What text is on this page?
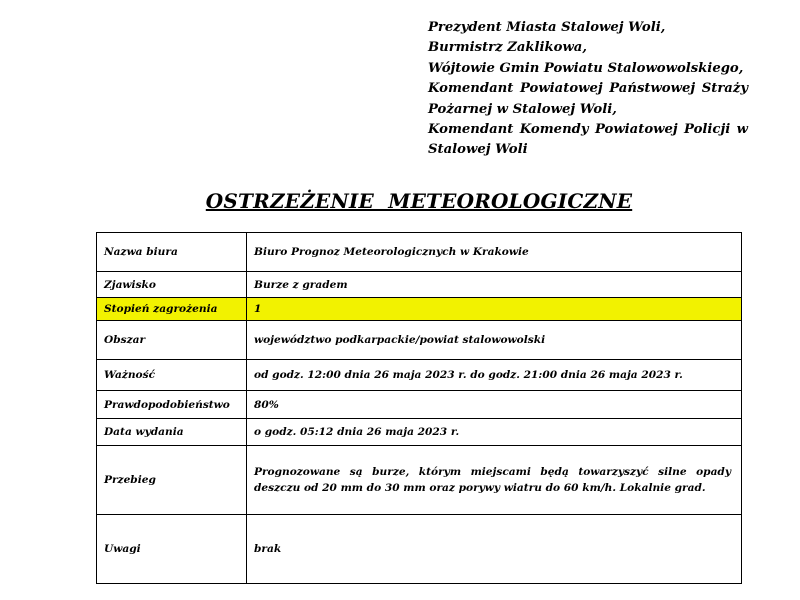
Prezydent Miasta Stalowej Woli,
Burmistrz Zaklikowa,
Wójtowie Gmin Powiatu Stalowowolskiego,
Komendant Powiatowej Państwowej Straży
Pożarnej w Stalowej Woli,
Komendant Komendy Powiatowej Policji w
Stalowej Woli
OSTRZEŻENIE  METEOROLOGICZNE
Nazwa biura	Biuro Prognoz Meteorologicznych w Krakowie
Zjawisko	Burze z gradem
Stopień zagrożenia	1
Obszar	województwo podkarpackie/powiat stalowowolski
Ważność	od godz. 12:00 dnia 26 maja 2023 r. do godz. 21:00 dnia 26 maja 2023 r.
Prawdopodobieństwo	80%
Data wydania	o godz. 05:12 dnia 26 maja 2023 r.
Przebieg	Prognozowane są burze, którym miejscami będą towarzyszyć silne opady deszczu od 20 mm do 30 mm oraz porywy wiatru do 60 km/h. Lokalnie grad.

Uwagi	brak
